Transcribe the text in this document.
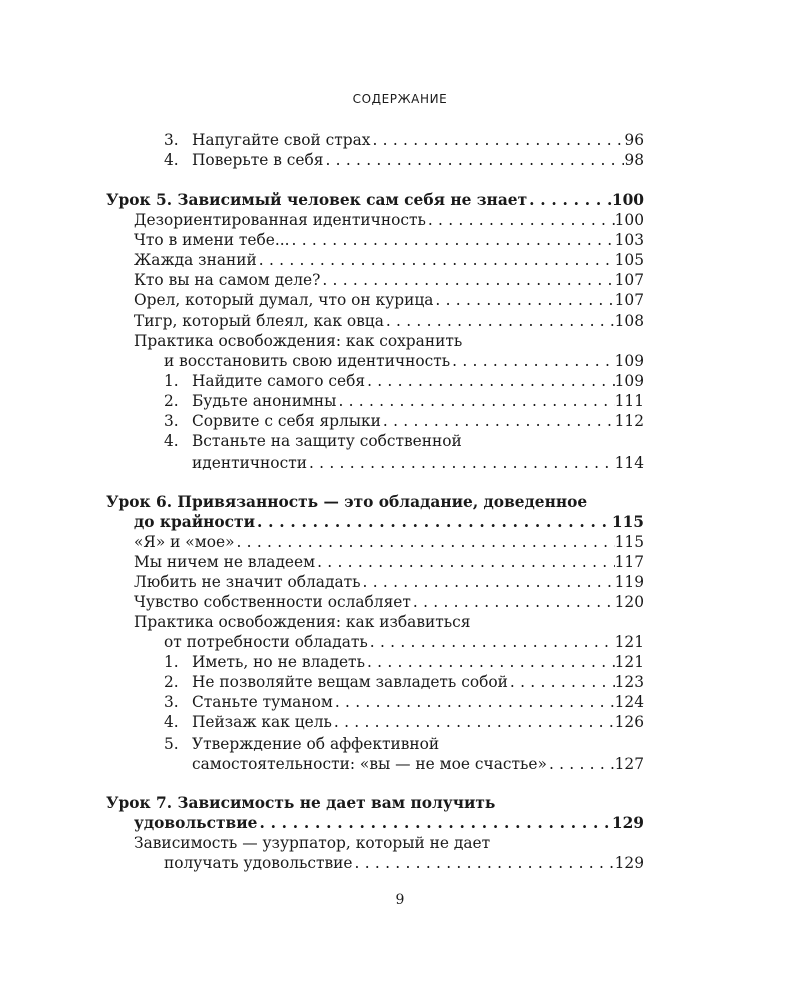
СОДЕРЖАНИЕ
3. Напугайте свой страх . . .	96
4. Поверьте в себя . . .	98
Урок 5. Зависимый человек сам себя не знает . . .	100
Дезориентированная идентичность . . .	100
Что в имени тебе... . . .	103
Жажда знаний . . .	105
Кто вы на самом деле? . . .	107
Орел, который думал, что он курица . . .	107
Тигр, который блеял, как овца . . .	108
Практика освобождения: как сохранить
и восстановить свою идентичность . . .	109
1. Найдите самого себя . . .	109
2. Будьте анонимны . . .	111
3. Сорвите с себя ярлыки . . .	112
4. Встаньте на защиту собственной
идентичности . . .	114
Урок 6. Привязанность — это обладание, доведенное
до крайности . . .	115
«Я» и «мое» . . .	115
Мы ничем не владеем . . .	117
Любить не значит обладать . . .	119
Чувство собственности ослабляет . . .	120
Практика освобождения: как избавиться
от потребности обладать . . .	121
1. Иметь, но не владеть . . .	121
2. Не позволяйте вещам завладеть собой . . .	123
3. Станьте туманом . . .	124
4. Пейзаж как цель . . .	126
5. Утверждение об аффективной
самостоятельности: «вы — не мое счастье» . . .	127
Урок 7. Зависимость не дает вам получить
удовольствие . . .	129
Зависимость — узурпатор, который не дает
получать удовольствие . . .	129
9
